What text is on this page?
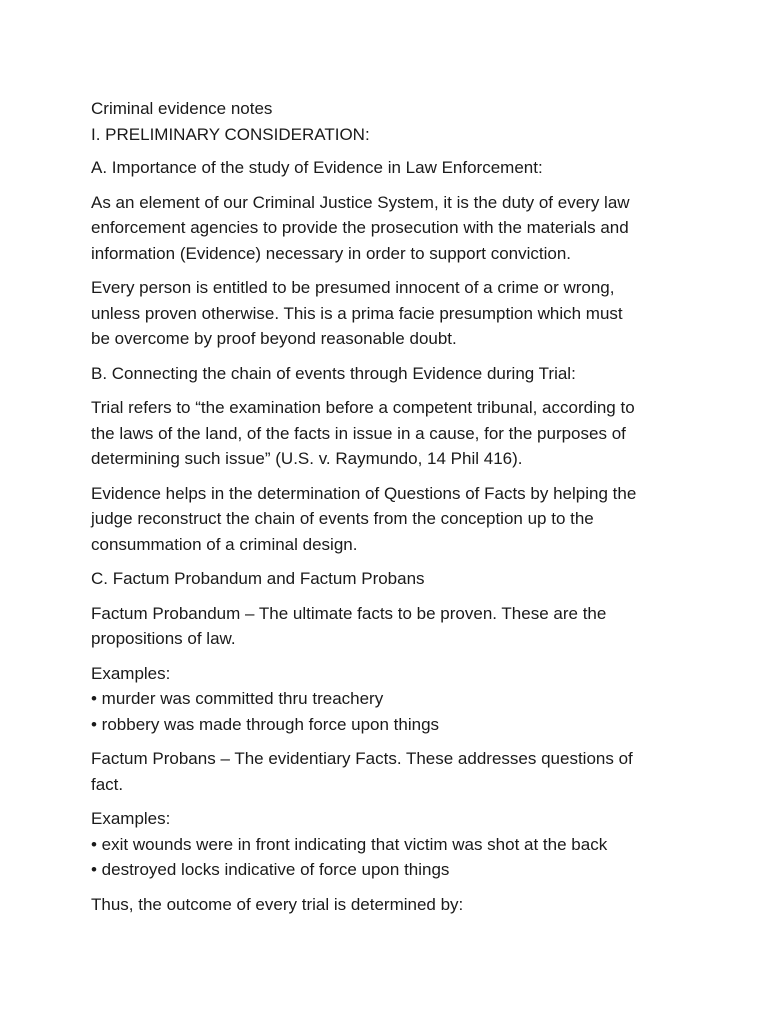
Criminal evidence notes
I. PRELIMINARY CONSIDERATION:

A. Importance of the study of Evidence in Law Enforcement:

As an element of our Criminal Justice System, it is the duty of every law
enforcement agencies to provide the prosecution with the materials and
information (Evidence) necessary in order to support conviction.
Every person is entitled to be presumed innocent of a crime or wrong,
unless proven otherwise. This is a prima facie presumption which must
be overcome by proof beyond reasonable doubt.

B. Connecting the chain of events through Evidence during Trial:

Trial refers to “the examination before a competent tribunal, according to
the laws of the land, of the facts in issue in a cause, for the purposes of
determining such issue” (U.S. v. Raymundo, 14 Phil 416).
Evidence helps in the determination of Questions of Facts by helping the
judge reconstruct the chain of events from the conception up to the
consummation of a criminal design.

C. Factum Probandum and Factum Probans

Factum Probandum – The ultimate facts to be proven. These are the
propositions of law.
Examples:
• murder was committed thru treachery
• robbery was made through force upon things
Factum Probans – The evidentiary Facts. These addresses questions of
fact.
Examples:
• exit wounds were in front indicating that victim was shot at the back
• destroyed locks indicative of force upon things

Thus, the outcome of every trial is determined by:
